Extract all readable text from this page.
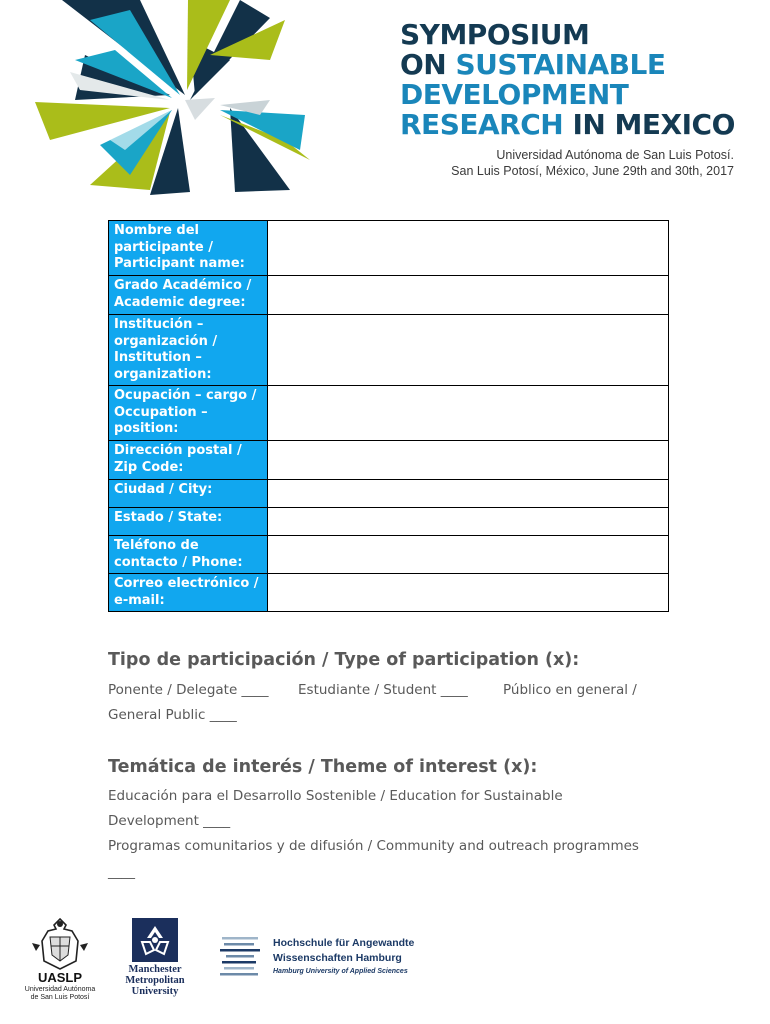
SYMPOSIUM
ON SUSTAINABLE
DEVELOPMENT
RESEARCH IN MEXICO
Universidad Autónoma de San Luis Potosí.
San Luis Potosí, México, June 29th and 30th, 2017
Nombre del participante / Participant name:	
Grado Académico / Academic degree:	
Institución – organización / Institution – organization:	
Ocupación – cargo / Occupation – position:	
Dirección postal / Zip Code:	
Ciudad / City:	
Estado / State:	
Teléfono de contacto / Phone:	
Correo electrónico / e-mail:	
Tipo de participación / Type of participation (x):
Ponente / Delegate ____ Estudiante / Student ____	Público en general /
General Public ____
Temática de interés / Theme of interest (x):
Educación para el Desarrollo Sostenible / Education for Sustainable
Development ____
Programas comunitarios y de difusión / Community and outreach programmes
____
UASLP
Universidad Autónoma
de San Luis Potosí
Manchester
Metropolitan
University
Hochschule für Angewandte
Wissenschaften Hamburg
Hamburg University of Applied Sciences
